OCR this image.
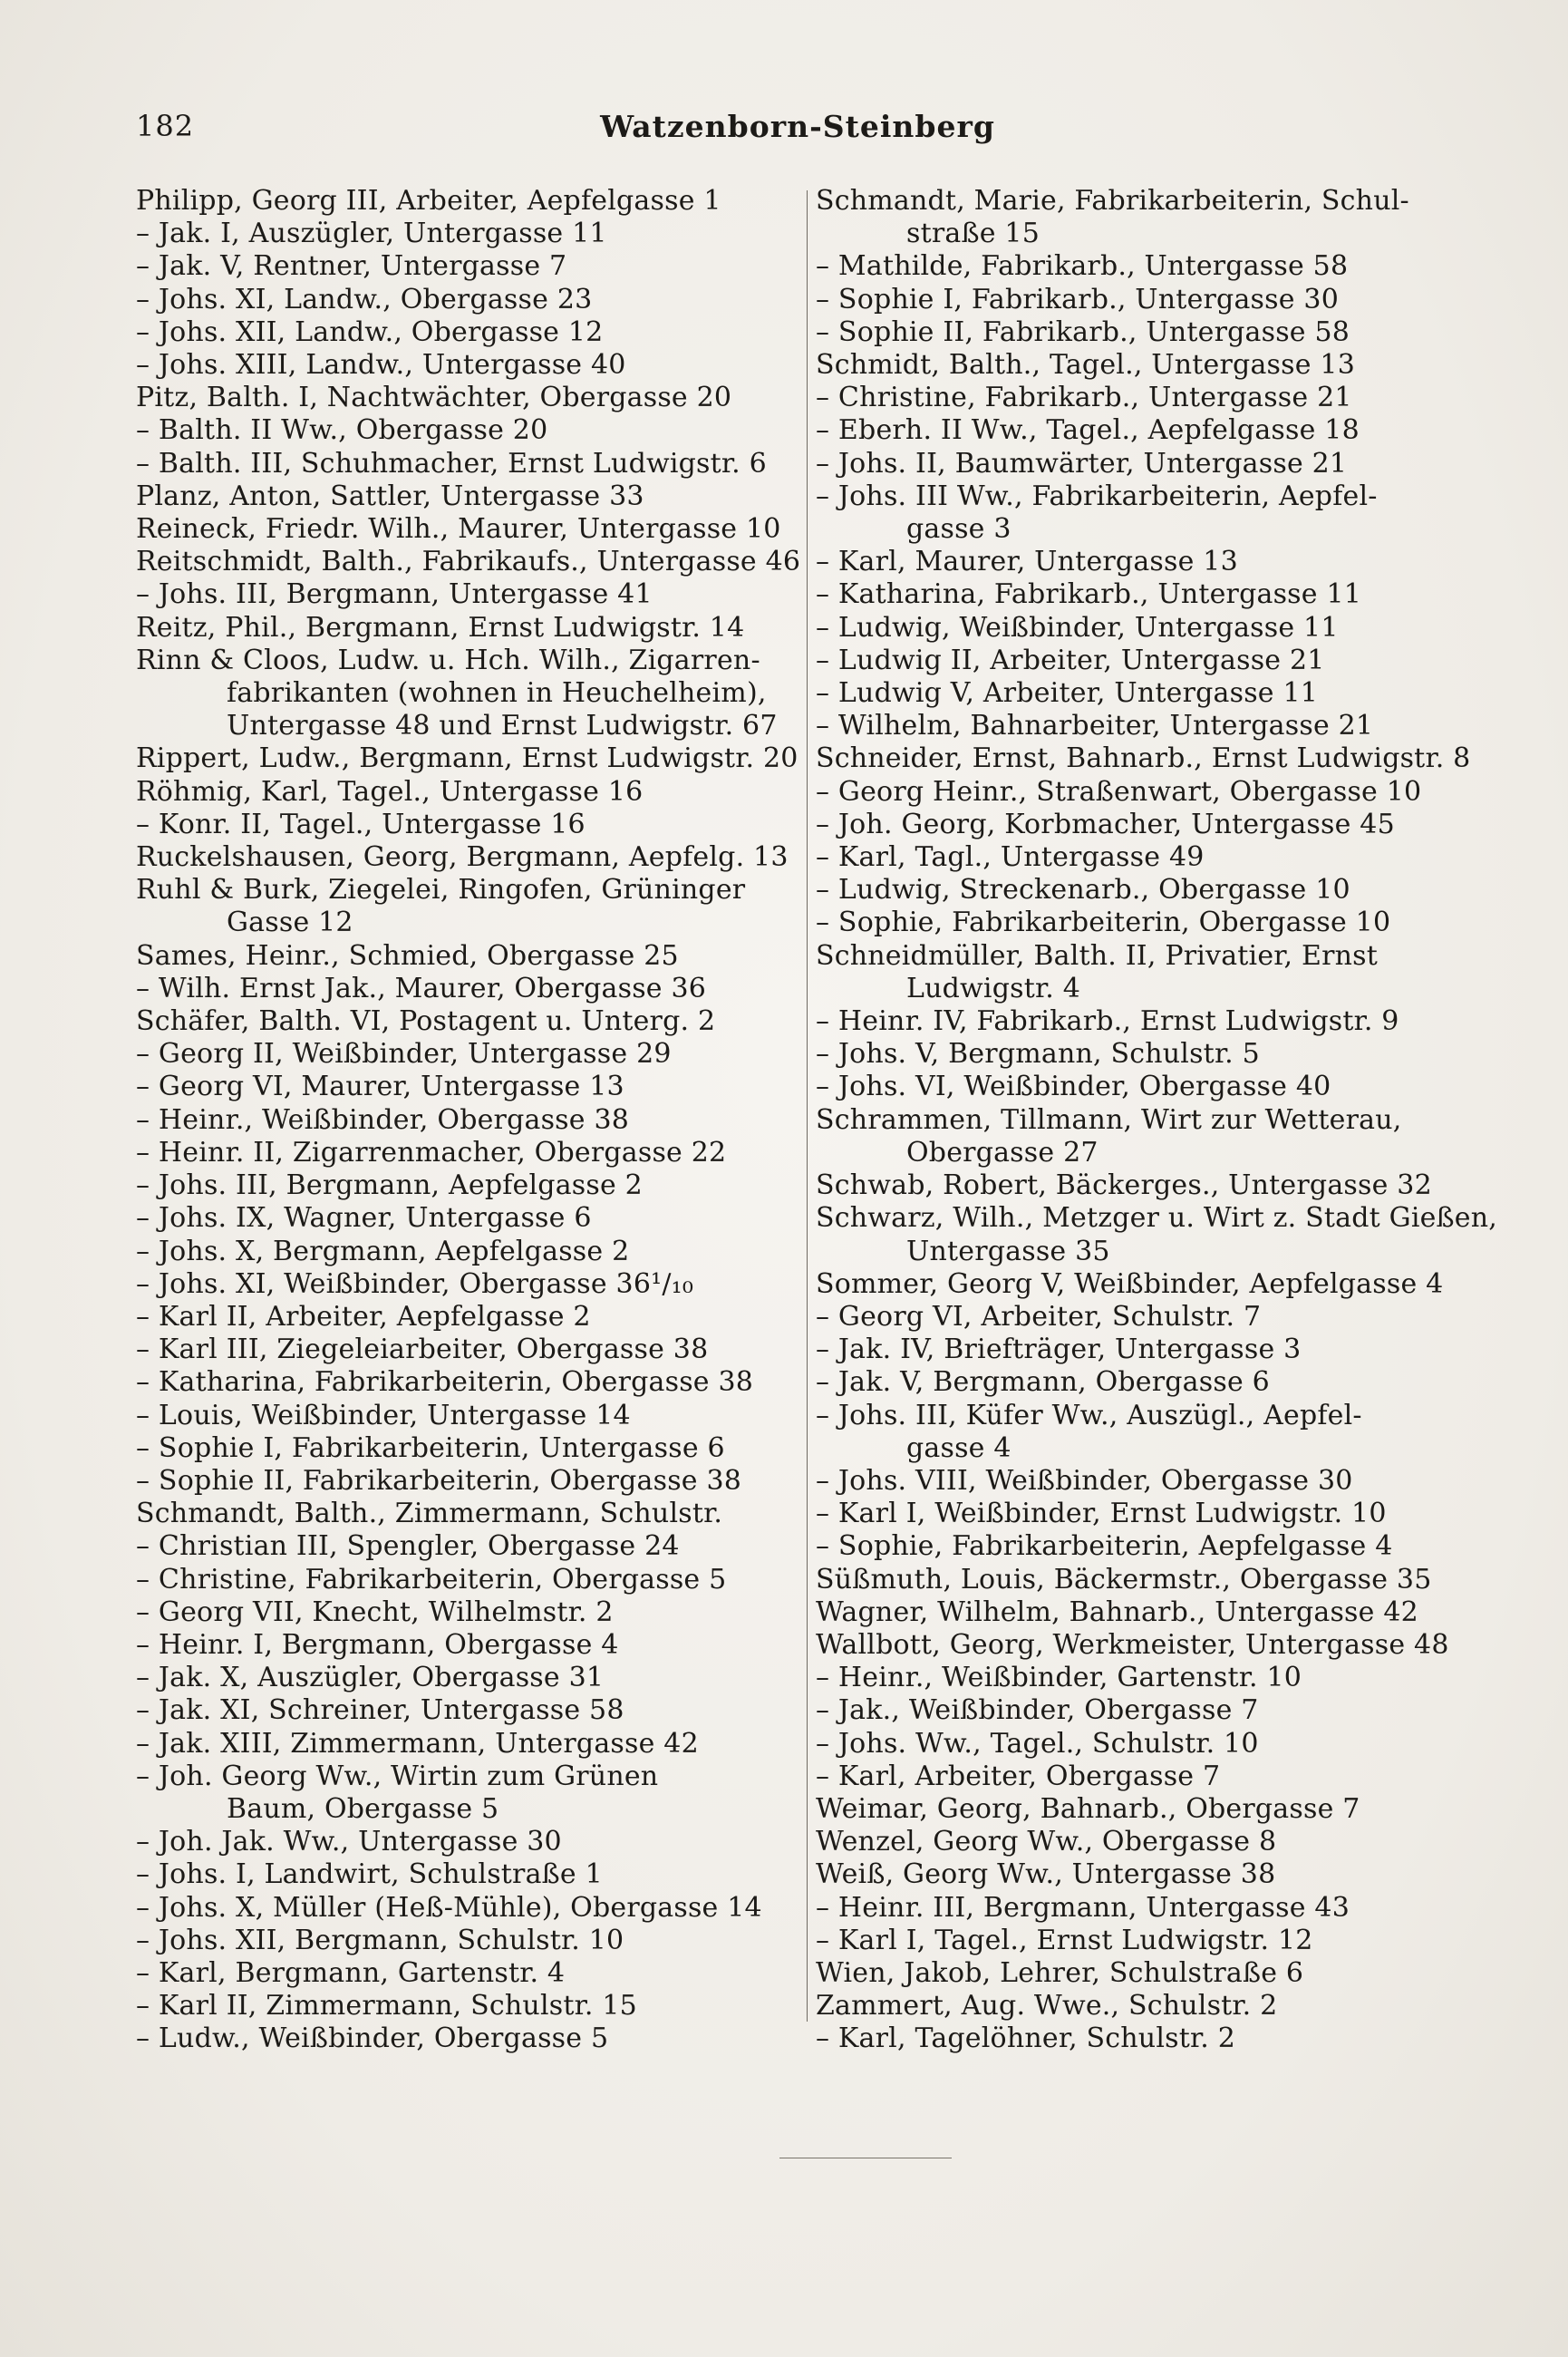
182	Watzenborn-Steinberg
Philipp, Georg III, Arbeiter, Aepfelgasse 1
– Jak. I, Auszügler, Untergasse 11
– Jak. V, Rentner, Untergasse 7
– Johs. XI, Landw., Obergasse 23
– Johs. XII, Landw., Obergasse 12
– Johs. XIII, Landw., Untergasse 40
Pitz, Balth. I, Nachtwächter, Obergasse 20
– Balth. II Ww., Obergasse 20
– Balth. III, Schuhmacher, Ernst Ludwigstr. 6
Planz, Anton, Sattler, Untergasse 33
Reineck, Friedr. Wilh., Maurer, Untergasse 10
Reitschmidt, Balth., Fabrikaufs., Untergasse 46
– Johs. III, Bergmann, Untergasse 41
Reitz, Phil., Bergmann, Ernst Ludwigstr. 14
Rinn & Cloos, Ludw. u. Hch. Wilh., Zigarren-
fabrikanten (wohnen in Heuchelheim),
Untergasse 48 und Ernst Ludwigstr. 67
Rippert, Ludw., Bergmann, Ernst Ludwigstr. 20
Röhmig, Karl, Tagel., Untergasse 16
– Konr. II, Tagel., Untergasse 16
Ruckelshausen, Georg, Bergmann, Aepfelg. 13
Ruhl & Burk, Ziegelei, Ringofen, Grüninger
Gasse 12
Sames, Heinr., Schmied, Obergasse 25
– Wilh. Ernst Jak., Maurer, Obergasse 36
Schäfer, Balth. VI, Postagent u. Unterg. 2
– Georg II, Weißbinder, Untergasse 29
– Georg VI, Maurer, Untergasse 13
– Heinr., Weißbinder, Obergasse 38
– Heinr. II, Zigarrenmacher, Obergasse 22
– Johs. III, Bergmann, Aepfelgasse 2
– Johs. IX, Wagner, Untergasse 6
– Johs. X, Bergmann, Aepfelgasse 2
– Johs. XI, Weißbinder, Obergasse 36¹/₁₀
– Karl II, Arbeiter, Aepfelgasse 2
– Karl III, Ziegeleiarbeiter, Obergasse 38
– Katharina, Fabrikarbeiterin, Obergasse 38
– Louis, Weißbinder, Untergasse 14
– Sophie I, Fabrikarbeiterin, Untergasse 6
– Sophie II, Fabrikarbeiterin, Obergasse 38
Schmandt, Balth., Zimmermann, Schulstr.
– Christian III, Spengler, Obergasse 24
– Christine, Fabrikarbeiterin, Obergasse 5
– Georg VII, Knecht, Wilhelmstr. 2
– Heinr. I, Bergmann, Obergasse 4
– Jak. X, Auszügler, Obergasse 31
– Jak. XI, Schreiner, Untergasse 58
– Jak. XIII, Zimmermann, Untergasse 42
– Joh. Georg Ww., Wirtin zum Grünen
Baum, Obergasse 5
– Joh. Jak. Ww., Untergasse 30
– Johs. I, Landwirt, Schulstraße 1
– Johs. X, Müller (Heß-Mühle), Obergasse 14
– Johs. XII, Bergmann, Schulstr. 10
– Karl, Bergmann, Gartenstr. 4
– Karl II, Zimmermann, Schulstr. 15
– Ludw., Weißbinder, Obergasse 5
Schmandt, Marie, Fabrikarbeiterin, Schul-
straße 15
– Mathilde, Fabrikarb., Untergasse 58
– Sophie I, Fabrikarb., Untergasse 30
– Sophie II, Fabrikarb., Untergasse 58
Schmidt, Balth., Tagel., Untergasse 13
– Christine, Fabrikarb., Untergasse 21
– Eberh. II Ww., Tagel., Aepfelgasse 18
– Johs. II, Baumwärter, Untergasse 21
– Johs. III Ww., Fabrikarbeiterin, Aepfel-
gasse 3
– Karl, Maurer, Untergasse 13
– Katharina, Fabrikarb., Untergasse 11
– Ludwig, Weißbinder, Untergasse 11
– Ludwig II, Arbeiter, Untergasse 21
– Ludwig V, Arbeiter, Untergasse 11
– Wilhelm, Bahnarbeiter, Untergasse 21
Schneider, Ernst, Bahnarb., Ernst Ludwigstr. 8
– Georg Heinr., Straßenwart, Obergasse 10
– Joh. Georg, Korbmacher, Untergasse 45
– Karl, Tagl., Untergasse 49
– Ludwig, Streckenarb., Obergasse 10
– Sophie, Fabrikarbeiterin, Obergasse 10
Schneidmüller, Balth. II, Privatier, Ernst
Ludwigstr. 4
– Heinr. IV, Fabrikarb., Ernst Ludwigstr. 9
– Johs. V, Bergmann, Schulstr. 5
– Johs. VI, Weißbinder, Obergasse 40
Schrammen, Tillmann, Wirt zur Wetterau,
Obergasse 27
Schwab, Robert, Bäckerges., Untergasse 32
Schwarz, Wilh., Metzger u. Wirt z. Stadt Gießen,
Untergasse 35
Sommer, Georg V, Weißbinder, Aepfelgasse 4
– Georg VI, Arbeiter, Schulstr. 7
– Jak. IV, Briefträger, Untergasse 3
– Jak. V, Bergmann, Obergasse 6
– Johs. III, Küfer Ww., Auszügl., Aepfel-
gasse 4
– Johs. VIII, Weißbinder, Obergasse 30
– Karl I, Weißbinder, Ernst Ludwigstr. 10
– Sophie, Fabrikarbeiterin, Aepfelgasse 4
Süßmuth, Louis, Bäckermstr., Obergasse 35
Wagner, Wilhelm, Bahnarb., Untergasse 42
Wallbott, Georg, Werkmeister, Untergasse 48
– Heinr., Weißbinder, Gartenstr. 10
– Jak., Weißbinder, Obergasse 7
– Johs. Ww., Tagel., Schulstr. 10
– Karl, Arbeiter, Obergasse 7
Weimar, Georg, Bahnarb., Obergasse 7
Wenzel, Georg Ww., Obergasse 8
Weiß, Georg Ww., Untergasse 38
– Heinr. III, Bergmann, Untergasse 43
– Karl I, Tagel., Ernst Ludwigstr. 12
Wien, Jakob, Lehrer, Schulstraße 6
Zammert, Aug. Wwe., Schulstr. 2
– Karl, Tagelöhner, Schulstr. 2
